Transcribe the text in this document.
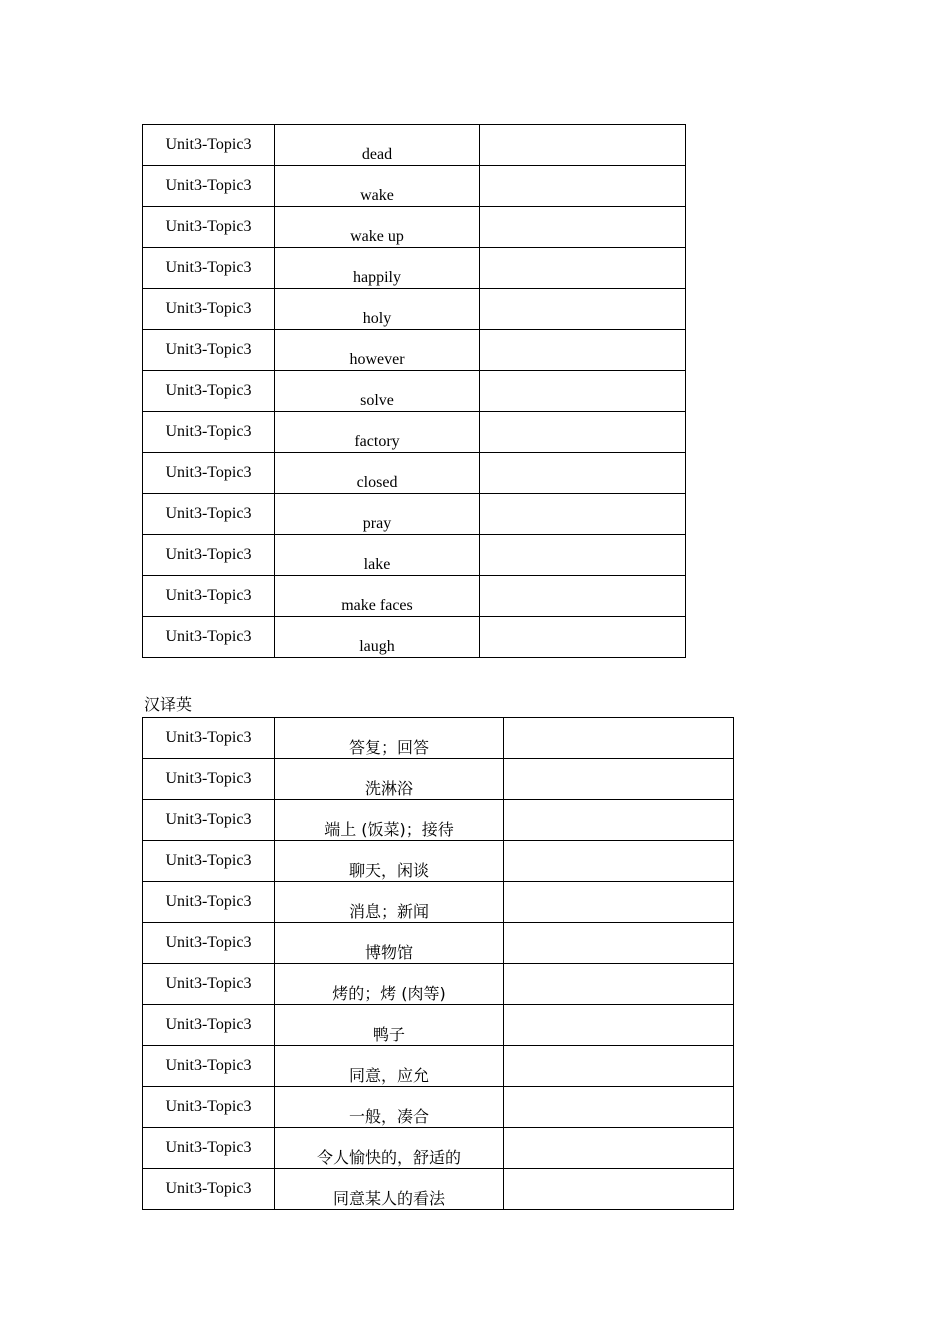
Unit3-Topic3	dead	
Unit3-Topic3	wake	
Unit3-Topic3	wake up	
Unit3-Topic3	happily	
Unit3-Topic3	holy	
Unit3-Topic3	however	
Unit3-Topic3	solve	
Unit3-Topic3	factory	
Unit3-Topic3	closed	
Unit3-Topic3	pray	
Unit3-Topic3	lake	
Unit3-Topic3	make faces	
Unit3-Topic3	laugh	
汉译英
Unit3-Topic3	答复；回答	
Unit3-Topic3	洗淋浴	
Unit3-Topic3	端上 (饭菜)；接待	
Unit3-Topic3	聊天，闲谈	
Unit3-Topic3	消息；新闻	
Unit3-Topic3	博物馆	
Unit3-Topic3	烤的；烤 (肉等)	
Unit3-Topic3	鸭子	
Unit3-Topic3	同意，应允	
Unit3-Topic3	一般，凑合	
Unit3-Topic3	令人愉快的，舒适的	
Unit3-Topic3	同意某人的看法	
